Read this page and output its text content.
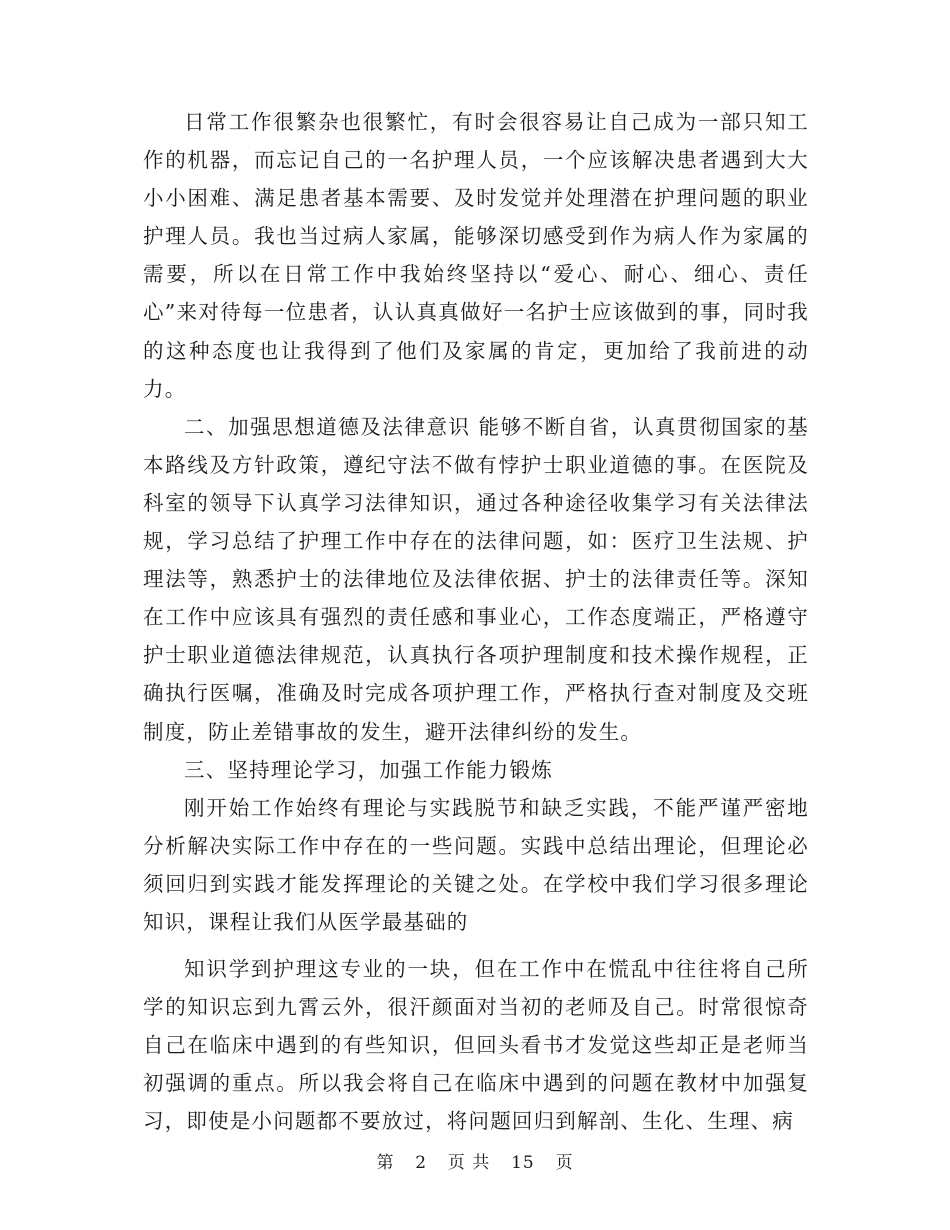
日常工作很繁杂也很繁忙，有时会很容易让自己成为一部只知工作的机器，而忘记自己的一名护理人员，一个应该解决患者遇到大大小小困难、满足患者基本需要、及时发觉并处理潜在护理问题的职业护理人员。我也当过病人家属，能够深切感受到作为病人作为家属的需要，所以在日常工作中我始终坚持以“爱心、耐心、细心、责任心”来对待每一位患者，认认真真做好一名护士应该做到的事，同时我的这种态度也让我得到了他们及家属的肯定，更加给了我前进的动力。

二、加强思想道德及法律意识 能够不断自省，认真贯彻国家的基本路线及方针政策，遵纪守法不做有悖护士职业道德的事。在医院及科室的领导下认真学习法律知识，通过各种途径收集学习有关法律法规，学习总结了护理工作中存在的法律问题，如：医疗卫生法规、护理法等，熟悉护士的法律地位及法律依据、护士的法律责任等。深知在工作中应该具有强烈的责任感和事业心，工作态度端正，严格遵守护士职业道德法律规范，认真执行各项护理制度和技术操作规程，正确执行医嘱，准确及时完成各项护理工作，严格执行查对制度及交班制度，防止差错事故的发生，避开法律纠纷的发生。

三、坚持理论学习，加强工作能力锻炼

刚开始工作始终有理论与实践脱节和缺乏实践，不能严谨严密地分析解决实际工作中存在的一些问题。实践中总结出理论，但理论必须回归到实践才能发挥理论的关键之处。在学校中我们学习很多理论知识，课程让我们从医学最基础的

知识学到护理这专业的一块，但在工作中在慌乱中往往将自己所学的知识忘到九霄云外，很汗颜面对当初的老师及自己。时常很惊奇自己在临床中遇到的有些知识，但回头看书才发觉这些却正是老师当初强调的重点。所以我会将自己在临床中遇到的问题在教材中加强复习，即使是小问题都不要放过，将问题回归到解剖、生化、生理、病

第 2 页 共 15 页
